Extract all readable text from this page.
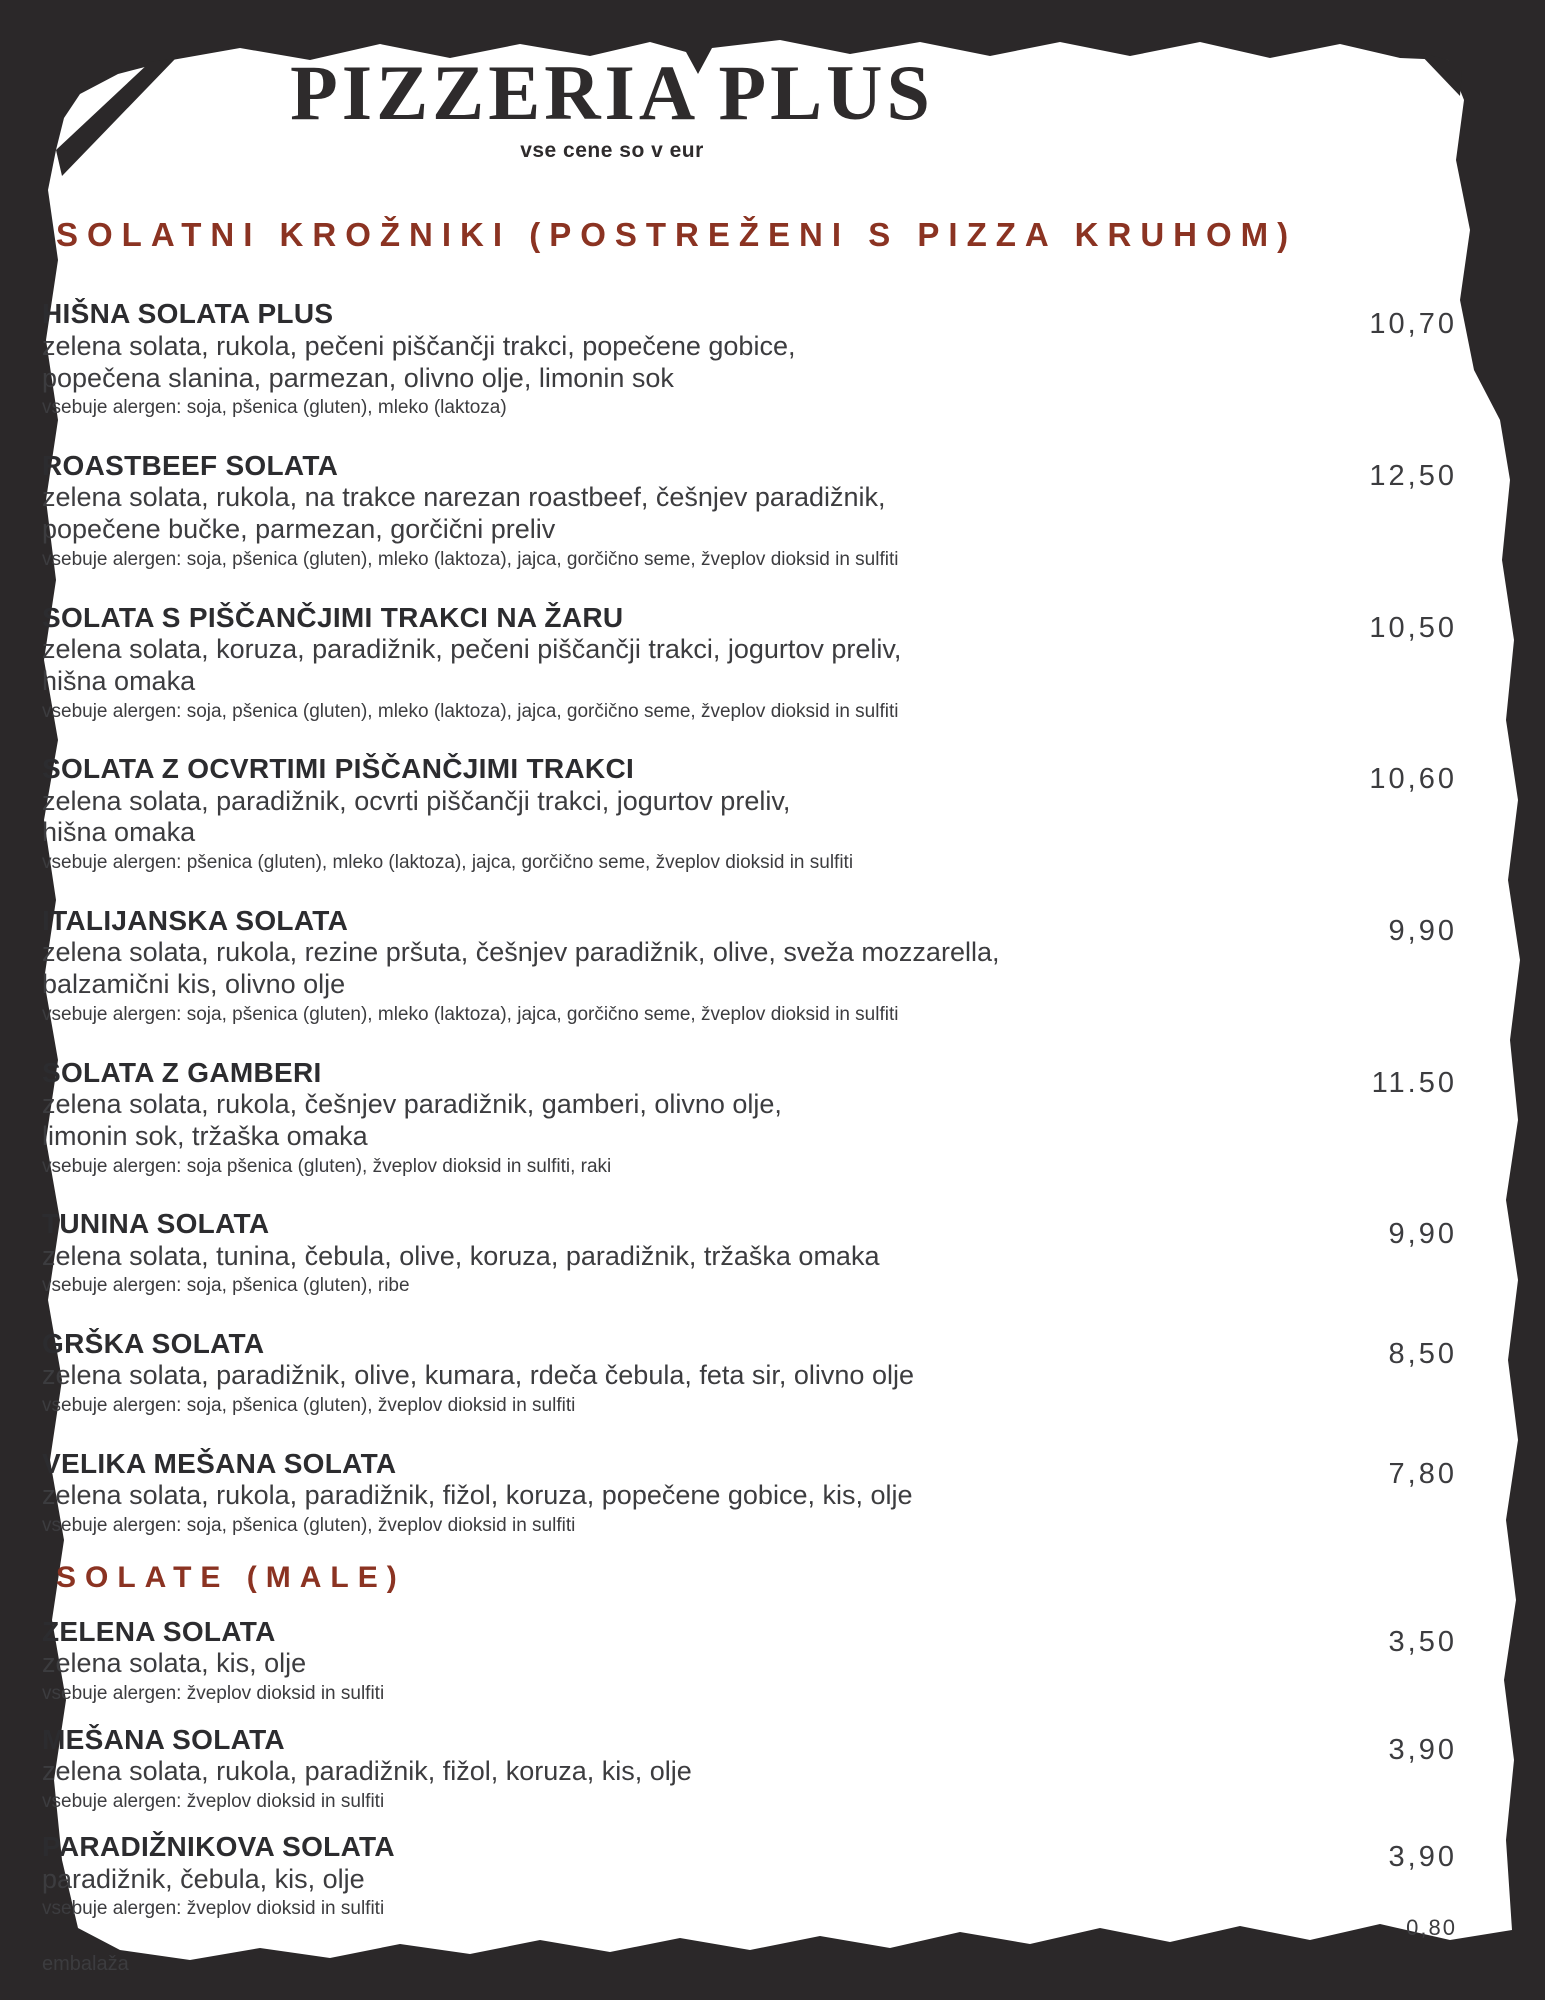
PIZZERIA PLUS
vse cene so v eur
SOLATNI KROŽNIKI (POSTREŽENI S PIZZA KRUHOM)
HIŠNA SOLATA PLUS
zelena solata, rukola, pečeni piščančji trakci, popečene gobice,
popečena slanina, parmezan, olivno olje, limonin sok
vsebuje alergen: soja, pšenica (gluten), mleko (laktoza)
10,70
ROASTBEEF SOLATA
zelena solata, rukola, na trakce narezan roastbeef, češnjev paradižnik,
popečene bučke, parmezan, gorčični preliv
vsebuje alergen: soja, pšenica (gluten), mleko (laktoza), jajca, gorčično seme, žveplov dioksid in sulfiti
12,50
SOLATA S PIŠČANČJIMI TRAKCI NA ŽARU
zelena solata, koruza, paradižnik, pečeni piščančji trakci, jogurtov preliv,
hišna omaka
vsebuje alergen: soja, pšenica (gluten), mleko (laktoza), jajca, gorčično seme, žveplov dioksid in sulfiti
10,50
SOLATA Z OCVRTIMI PIŠČANČJIMI TRAKCI
zelena solata, paradižnik, ocvrti piščančji trakci, jogurtov preliv,
hišna omaka
vsebuje alergen: pšenica (gluten), mleko (laktoza), jajca, gorčično seme, žveplov dioksid in sulfiti
10,60
ITALIJANSKA SOLATA
zelena solata, rukola, rezine pršuta, češnjev paradižnik, olive, sveža mozzarella,
balzamični kis, olivno olje
vsebuje alergen: soja, pšenica (gluten), mleko (laktoza), jajca, gorčično seme, žveplov dioksid in sulfiti
9,90
SOLATA Z GAMBERI
zelena solata, rukola, češnjev paradižnik, gamberi, olivno olje,
limonin sok, tržaška omaka
vsebuje alergen: soja pšenica (gluten), žveplov dioksid in sulfiti, raki
11.50
TUNINA SOLATA
zelena solata, tunina, čebula, olive, koruza, paradižnik, tržaška omaka
vsebuje alergen: soja, pšenica (gluten), ribe
9,90
GRŠKA SOLATA
zelena solata, paradižnik, olive, kumara, rdeča čebula, feta sir, olivno olje
vsebuje alergen: soja, pšenica (gluten), žveplov dioksid in sulfiti
8,50
VELIKA MEŠANA SOLATA
zelena solata, rukola, paradižnik, fižol, koruza, popečene gobice, kis, olje
vsebuje alergen: soja, pšenica (gluten), žveplov dioksid in sulfiti
7,80
SOLATE (MALE)
ZELENA SOLATA
zelena solata, kis, olje
vsebuje alergen: žveplov dioksid in sulfiti
3,50
MEŠANA SOLATA
zelena solata, rukola, paradižnik, fižol, koruza, kis, olje
vsebuje alergen: žveplov dioksid in sulfiti
3,90
PARADIŽNIKOVA SOLATA
paradižnik, čebula, kis, olje
vsebuje alergen: žveplov dioksid in sulfiti
3,90
embalaža
0,80
